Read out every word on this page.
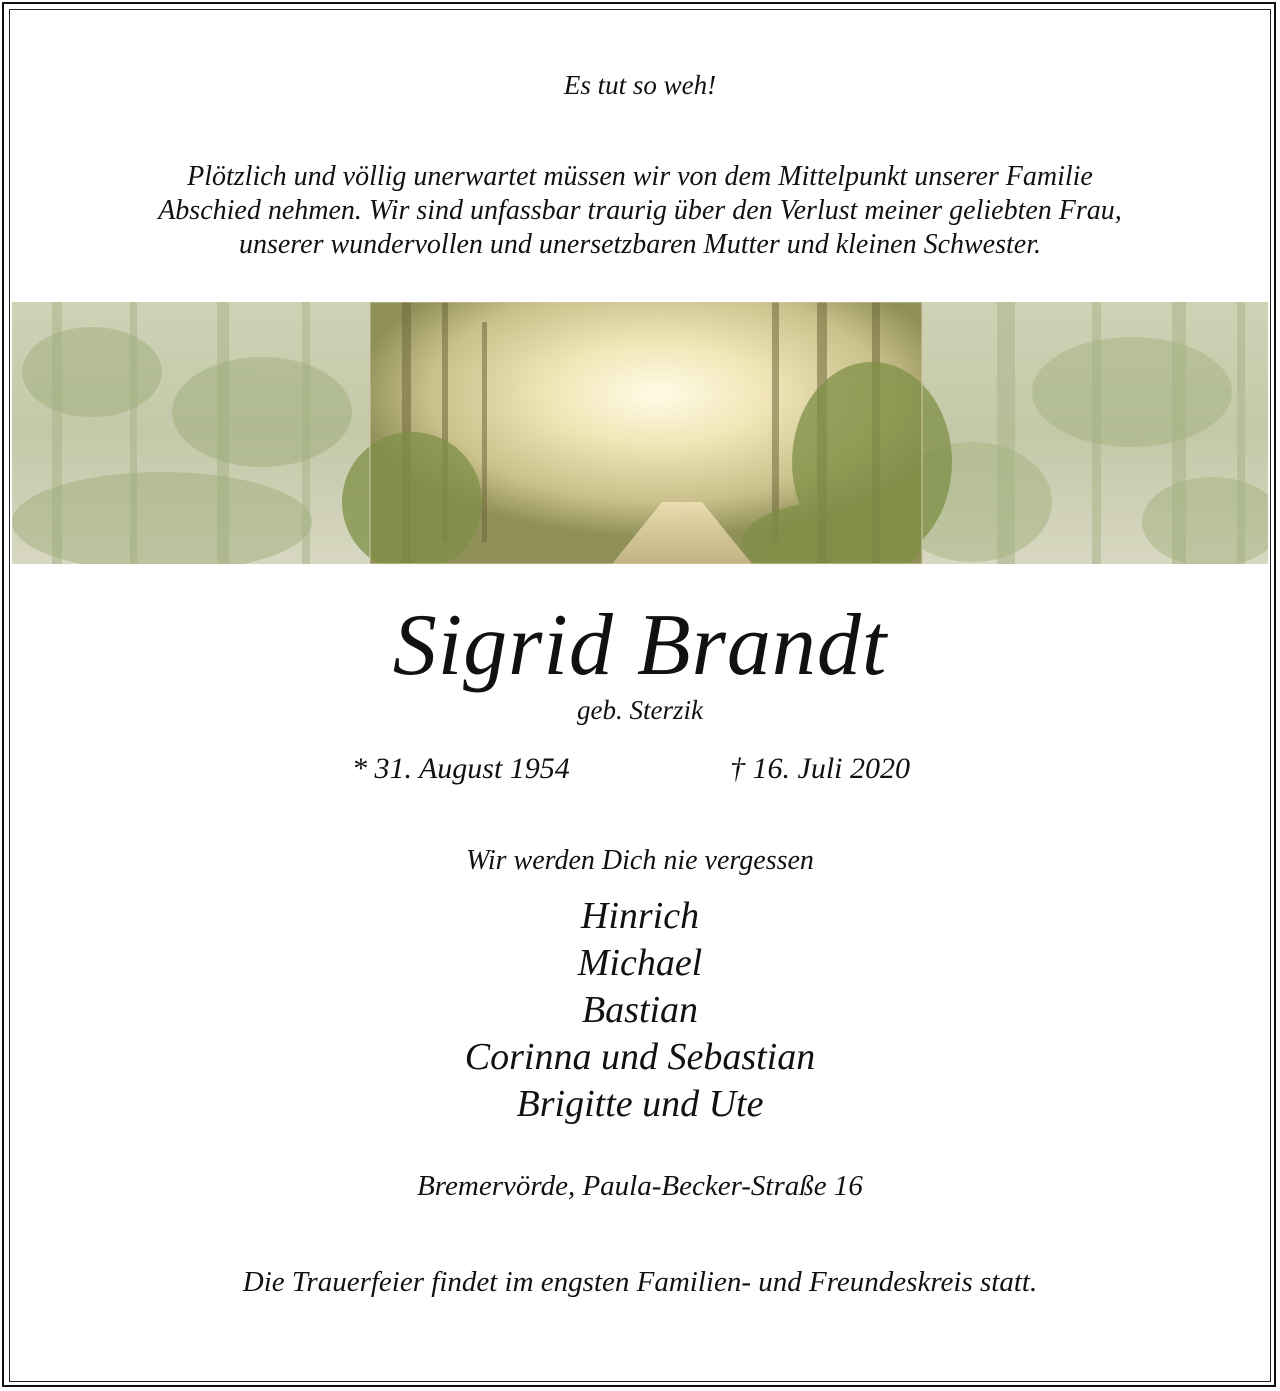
Es tut so weh!
Plötzlich und völlig unerwartet müssen wir von dem Mittelpunkt unserer Familie
Abschied nehmen. Wir sind unfassbar traurig über den Verlust meiner geliebten Frau,
unserer wundervollen und unersetzbaren Mutter und kleinen Schwester.
Sigrid Brandt
geb. Sterzik
* 31. August 1954	† 16. Juli 2020
Wir werden Dich nie vergessen
Hinrich
Michael
Bastian
Corinna und Sebastian
Brigitte und Ute
Bremervörde, Paula-Becker-Straße 16
Die Trauerfeier findet im engsten Familien- und Freundeskreis statt.
